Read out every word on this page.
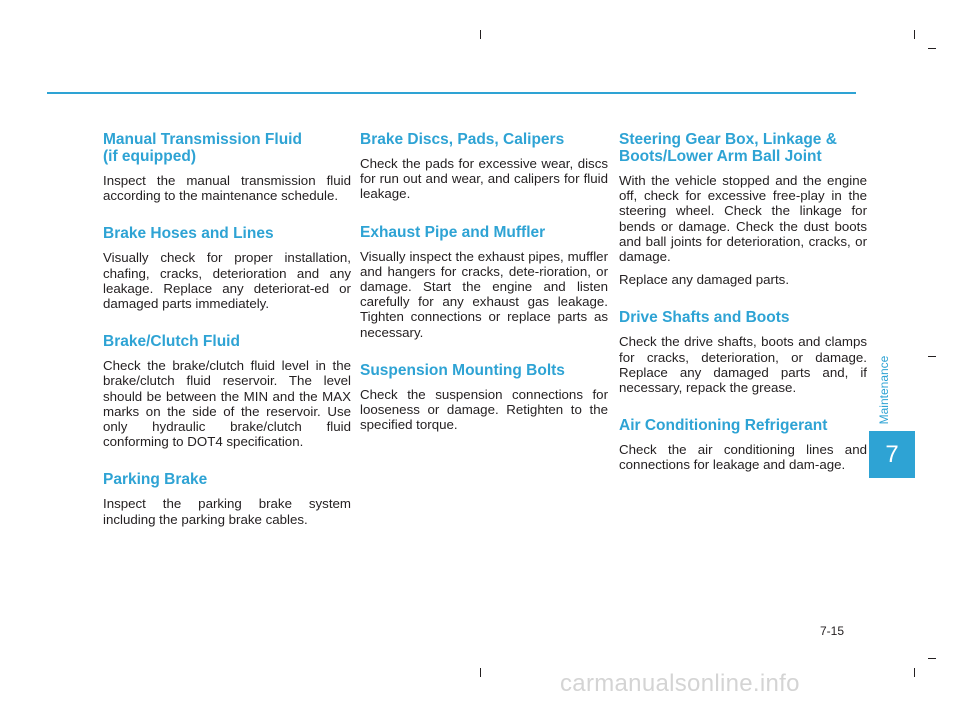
Manual Transmission Fluid
(if equipped)

Inspect the manual transmission fluid according to the maintenance schedule.

Brake Hoses and Lines

Visually check for proper installation, chafing, cracks, deterioration and any leakage. Replace any deteriorat-ed or damaged parts immediately.

Brake/Clutch Fluid

Check the brake/clutch fluid level in the brake/clutch fluid reservoir. The level should be between the MIN and the MAX marks on the side of the reservoir. Use only hydraulic brake/clutch fluid conforming to DOT4 specification.

Parking Brake

Inspect the parking brake system including the parking brake cables.

Brake Discs, Pads, Calipers

Check the pads for excessive wear, discs for run out and wear, and calipers for fluid leakage.

Exhaust Pipe and Muffler

Visually inspect the exhaust pipes, muffler and hangers for cracks, dete-rioration, or damage. Start the engine and listen carefully for any exhaust gas leakage. Tighten connections or replace parts as necessary.

Suspension Mounting Bolts

Check the suspension connections for looseness or damage. Retighten to the specified torque.

Steering Gear Box, Linkage &
Boots/Lower Arm Ball Joint

With the vehicle stopped and the engine off, check for excessive free-play in the steering wheel. Check the linkage for bends or damage. Check the dust boots and ball joints for deterioration, cracks, or damage.

Replace any damaged parts.

Drive Shafts and Boots

Check the drive shafts, boots and clamps for cracks, deterioration, or damage. Replace any damaged parts and, if necessary, repack the grease.

Air Conditioning Refrigerant

Check the air conditioning lines and connections for leakage and dam-age.

Maintenance
7
7-15
carmanualsonline.info
